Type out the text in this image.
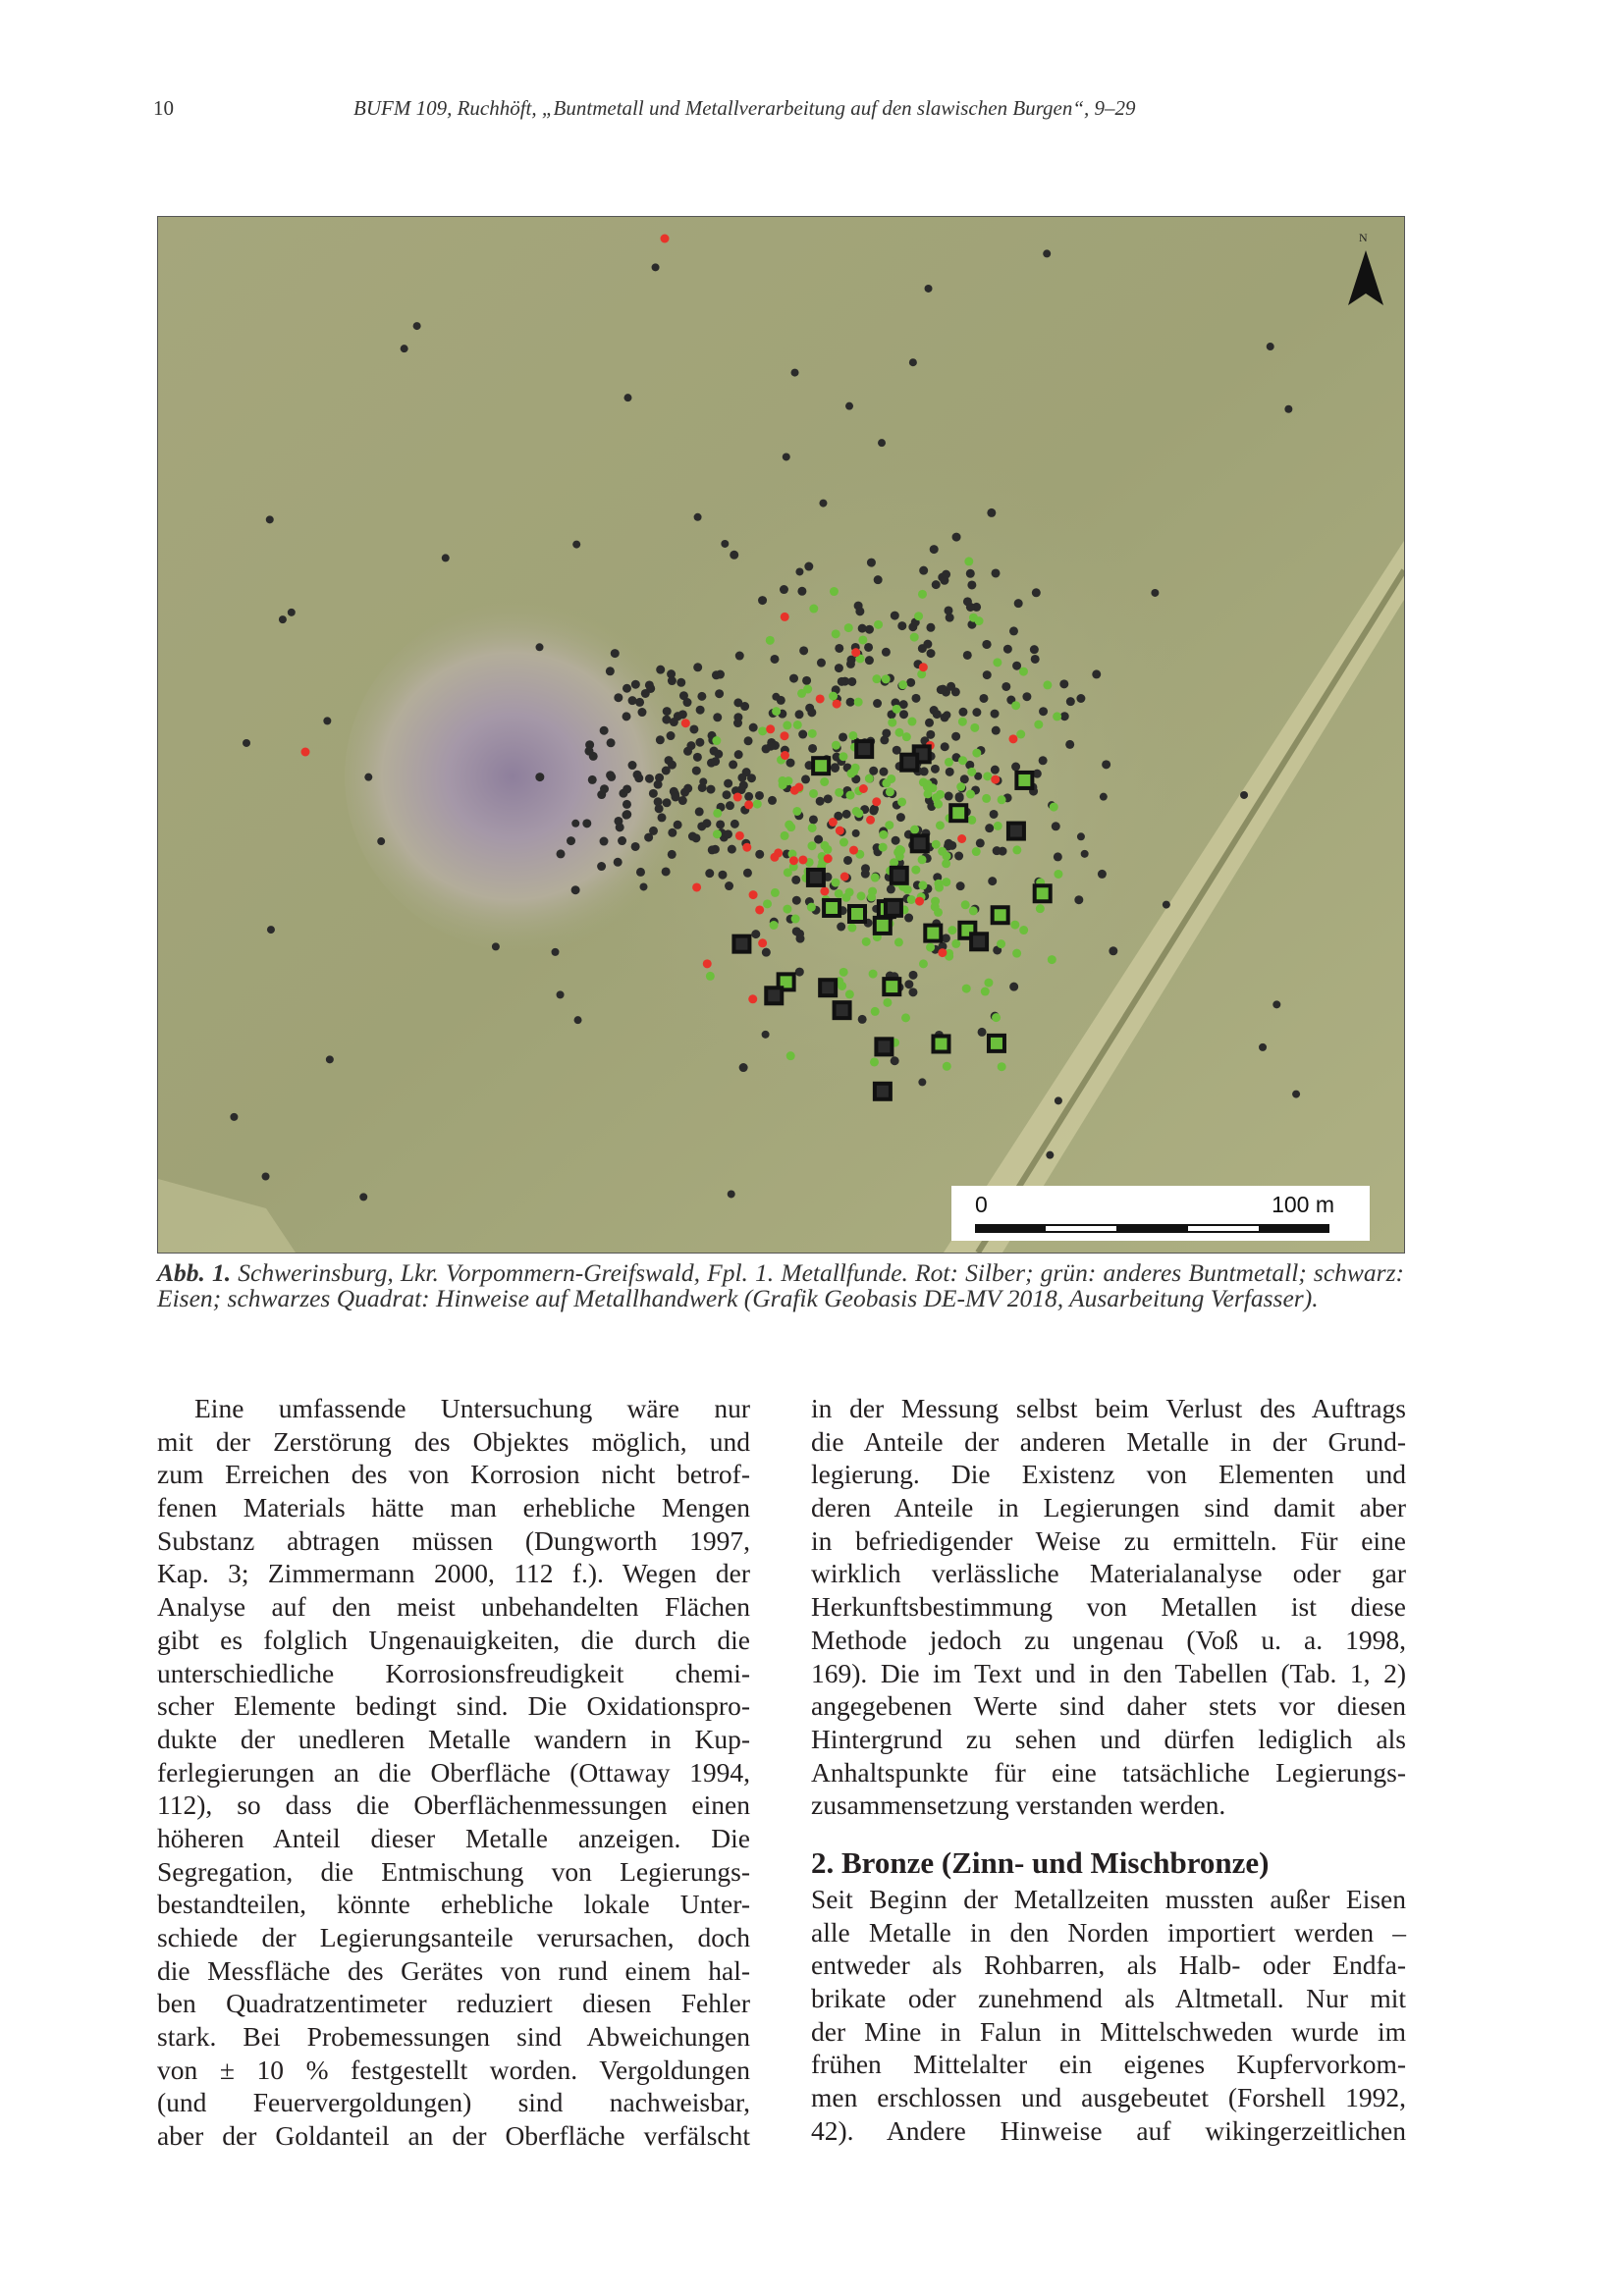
10	BUFM 109, Ruchhöft, „Buntmetall und Metallverarbeitung auf den slawischen Burgen“, 9–29
N
0	100 m
Abb. 1. Schwerinsburg, Lkr. Vorpommern-Greifswald, Fpl. 1. Metallfunde. Rot: Silber; grün: anderes Buntmetall; schwarz: Eisen; schwarzes Quadrat: Hinweise auf Metallhandwerk (Grafik Geobasis DE-MV 2018, Ausarbeitung Verfasser).
Eine umfassende Untersuchung wäre nur
mit der Zerstörung des Objektes möglich, und
zum Erreichen des von Korrosion nicht betrof-
fenen Materials hätte man erhebliche Mengen
Substanz abtragen müssen (Dungworth 1997,
Kap. 3; Zimmermann 2000, 112 f.). Wegen der
Analyse auf den meist unbehandelten Flächen
gibt es folglich Ungenauigkeiten, die durch die
unterschiedliche Korrosionsfreudigkeit chemi-
scher Elemente bedingt sind. Die Oxidationspro-
dukte der unedleren Metalle wandern in Kup-
ferlegierungen an die Oberfläche (Ottaway 1994,
112), so dass die Oberflächenmessungen einen
höheren Anteil dieser Metalle anzeigen. Die
Segregation, die Entmischung von Legierungs-
bestandteilen, könnte erhebliche lokale Unter-
schiede der Legierungsanteile verursachen, doch
die Messfläche des Gerätes von rund einem hal-
ben Quadratzentimeter reduziert diesen Fehler
stark. Bei Probemessungen sind Abweichungen
von ± 10 % festgestellt worden. Vergoldungen
(und Feuervergoldungen) sind nachweisbar,
aber der Goldanteil an der Oberfläche verfälscht
in der Messung selbst beim Verlust des Auftrags
die Anteile der anderen Metalle in der Grund-
legierung. Die Existenz von Elementen und
deren Anteile in Legierungen sind damit aber
in befriedigender Weise zu ermitteln. Für eine
wirklich verlässliche Materialanalyse oder gar
Herkunftsbestimmung von Metallen ist diese
Methode jedoch zu ungenau (Voß u. a. 1998,
169). Die im Text und in den Tabellen (Tab. 1, 2)
angegebenen Werte sind daher stets vor diesen
Hintergrund zu sehen und dürfen lediglich als
Anhaltspunkte für eine tatsächliche Legierungs-
zusammensetzung verstanden werden.
2. Bronze (Zinn- und Mischbronze)
Seit Beginn der Metallzeiten mussten außer Eisen
alle Metalle in den Norden importiert werden –
entweder als Rohbarren, als Halb- oder Endfa-
brikate oder zunehmend als Altmetall. Nur mit
der Mine in Falun in Mittelschweden wurde im
frühen Mittelalter ein eigenes Kupfervorkom-
men erschlossen und ausgebeutet (Forshell 1992,
42). Andere Hinweise auf wikingerzeitlichen
